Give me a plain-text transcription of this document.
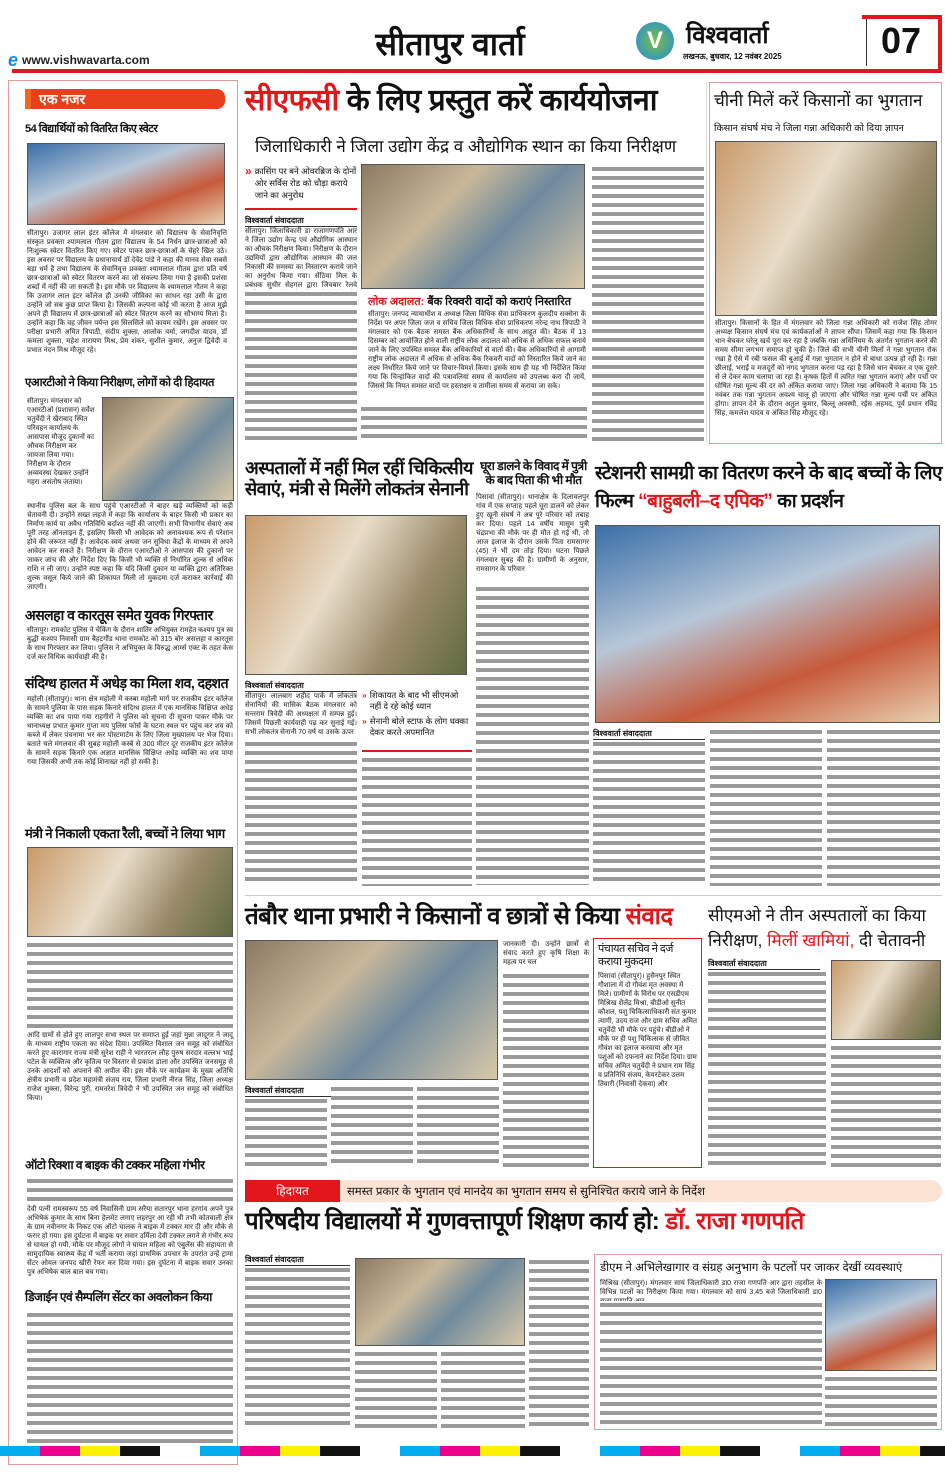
e www.vishwavarta.com	सीतापुर वार्ता	V विश्ववार्ता
लखनऊ, बुधवार, 12 नवंबर 2025	07
एक नजर
54 विद्यार्थियों को वितरित किए स्वेटर
सीतापुर। उजागर लाल इंटर कॉलेज में मंगलवार को विद्यालय के सेवानिवृत्ति संस्कृत प्रवक्ता श्यामलाल गौतम द्वारा विद्यालय के 54 निर्धन छात्र-छात्राओं को निःशुल्क स्वेटर वितरित किए गए। स्वेटर पाकर छात्र-छात्राओं के चेहरे खिल उठे। इस अवसर पर विद्यालय के प्रधानाचार्य डॉ देवेंद्र पांडे ने कहा की मानव सेवा सबसे बड़ा धर्म है तथा विद्यालय के सेवानिवृत्त प्रवक्ता श्यामलाल गौतम द्वारा प्रति वर्ष छात्र-छात्राओं को स्वेटर वितरण करने का जो संकल्प लिया गया है इसकी प्रशंसा शब्दों में नहीं की जा सकती है। इस मौके पर विद्यालय के श्यामलाल गौतम ने कहा कि उजागर लाल इंटर कॉलेज ही उनकी जीविका का साधन रहा उसी के द्वारा उन्होंने जो सब कुछ प्राप्त किया है। जिसकी कल्पना कोई भी करता है आज मुझे अपने ही विद्यालय में छात्र-छात्राओं को स्वेटर वितरण करने का सौभाग्य मिला है। उन्होंने कहा कि वह जीवन पर्यन्त इस सिलसिले को कायम रखेंगे। इस अवसर पर परीक्षा प्रभारी अमित त्रिपाठी, संदीप शुक्ला, आलोक वर्मा, जगदीश यादव, डॉ कमला शुक्ला, महेश नारायण मिश्र, प्रेम शंकर, सुशील कुमार, अनुज द्विवेदी व प्रभात नंदन मिश्र मौजूद रहे।
एआरटीओ ने किया निरीक्षण, लोगों को दी हिदायत
सीतापुर। मंगलवार को एआरटीओ (प्रशासन) सर्वेश चतुर्वेदी ने खैराबाद स्थित परिवहन कार्यालय के आसपास मौजूद दुकानों का औचक निरीक्षण कर जायजा लिया गया। निरीक्षण के दौरान अव्यवस्था देखकर उन्होंने गहरा असंतोष जताया।
स्थानीय पुलिस बल के साथ पहुंचे एआरटीओ ने बाहर खड़े व्यक्तियों को कड़ी चेतावनी दी। उन्होंने सख्त लहजे में कहा कि कार्यालय के बाहर किसी भी प्रकार का निर्माण कार्य या अवैध गतिविधि बर्दाश्त नहीं की जाएगी। सभी विभागीय सेवाएं अब पूरी तरह ऑनलाइन हैं, इसलिए किसी भी आवेदक को अनावश्यक रूप से परेशान होने की जरूरत नहीं है। आवेदक स्वयं अथवा जन सुविधा केंद्रों के माध्यम से अपने आवेदन कर सकते हैं। निरीक्षण के दौरान एआरटीओ ने आसपास की दुकानों पर जाकर जांच की और निर्देश दिए कि किसी भी व्यक्ति से निर्धारित शुल्क से अधिक राशि न ली जाए। उन्होंने स्पष्ट कहा कि यदि किसी दुकान या व्यक्ति द्वारा अतिरिक्त शुल्क वसूल किये जाने की शिकायत मिली तो मुकदमा दर्ज कराकर कार्रवाई की जाएगी।
असलहा व कारतूस समेत युवक गिरफ्तार
सीतापुर। रामकोट पुलिस ने चेकिंग के दौरान शातिर अभियुक्त रामहेत कश्यप पुत्र स्व बुद्धी कश्यप निवासी ग्राम बैहटगौंड थाना रामकोट को 315 बोर असलहा व कारतूस के साथ गिरफ्तार कर लिया। पुलिस ने अभियुक्त के विरुद्ध आर्म्स एक्ट के तहत केस दर्ज कर विधिक कार्यवाही की है।
संदिग्ध हालत में अधेड़ का मिला शव, दहशत
महोली (सीतापुर)। थाना क्षेत्र महोली में कस्बा महोली मार्ग पर राजकीय इंटर कॉलेज के सामने पुलिया के पास सड़क किनारे संदिग्ध हालत में एक मानसिक विक्षिप्त अधेड़ व्यक्ति का शव पाया गया राहगीरों ने पुलिस को सूचना दी सूचना पाकर मौके पर थानाध्यक्ष प्रभात कुमार गुप्ता मय पुलिस फोर्स के घटना स्थल पर पहुंच कर शव को कब्जे में लेकर पंचनामा भर कर पोस्टमार्टम के लिए जिला मुख्यालय पर भेज दिया। बताते चले मंगलवार की सुबह महोली कस्बे से 300 मीटर दूर राजकीय इंटर कॉलेज के सामने सड़क किनारे एक अज्ञात मानसिक विक्षिप्त अधेड़ व्यक्ति का शव पाया गया जिसकी अभी तक कोई शिनाख्त नहीं हो सकी है।
मंत्री ने निकाली एकता रैली, बच्चों ने लिया भाग
आदि ग्रामों से होते हुए लालपुर सभा स्थल पर समाप्त हुई जहां मुन्ना जादूगर ने जादू के माध्यम राष्ट्रीय एकता का संदेश दिया। उपस्थित विशाल जन समूह को संबोधित करते हुए कारागार राज्य मंत्री सुरेश राही ने भारतरत्न लौह पुरुष सरदार वल्लभ भाई पटेल के व्यक्तित्व और कृतित्व पर विस्तार से प्रकाश डाला और उपस्थित जनसमूह से उनके आदर्शों को अपनाने की अपील की। इस मौके पर कार्यक्रम के मुख्य अतिथि क्षेत्रीय प्रभारी व प्रदेश महामंत्री संजय राय, जिला प्रभारी नीरज सिंह, जिला अध्यक्ष राजेश शुक्ला, विरेन्द्र पुरी, रामनरेश त्रिवेदी ने भी उपस्थित जन समूह को संबोधित किया।
ऑटो रिक्शा व बाइक की टक्कर महिला गंभीर
देवी पत्नी रामस्वरूप 55 वर्ष निवासिनी ग्राम सरैया सतारपुर थाना हरगांव अपने पुत्र अभिषेक कुमार के साथ बिना हेलमेट लगाए लहरपुर आ रही थी तभी कोतवाली क्षेत्र के ग्राम नवीनगर के निकट एक ऑटो चालक ने बाइक में टक्कर मार दी और मौके से फरार हो गया। इस दुर्घटना में बाइक पर सवार उर्मिला देवी टक्कर लगने से गंभीर रूप से घायल हो गयी, मौके पर मौजूद लोगों ने घायल महिला को एंबुलेंस की सहायता से सामुदायिक स्वास्थ्य केंद्र में भर्ती कराया जहां प्राथमिक उपचार के उपरांत उन्हें ट्रामा सेंटर ओयल जनपद खीरी रेफर कर दिया गया। इस दुर्घटना में बाइक सवार उनका पुत्र अभिषेक बाल बाल बच गया।
डिजाईन एवं सैम्पलिंग सेंटर का अवलोकन किया
सीएफसी के लिए प्रस्तुत करें कार्ययोजना
जिलाधिकारी ने जिला उद्योग केंद्र व औद्योगिक स्थान का किया निरीक्षण
» क्रासिंग पर बने ओवरब्रिज के दोनों ओर सर्विस रोड को चौड़ा कराये जाने का अनुरोध
विश्ववार्ता संवाददाता
सीतापुर। जिलाधिकारी डा राजागणपति आर ने जिला उद्योग केन्द्र एवं औद्योगिक आस्थान का औचक निरीक्षण किया। निरीक्षण के दौरान उद्यमियों द्वारा औद्योगिक आस्थान की जल निकासी की समस्या का निस्तारण कराये जाने का अनुरोध किया गया। सेंठिया मिल के प्रबंधक सुधीर सेहगल द्वारा जिवबार रेलवे
लोक अदालत: बैंक रिक्वरी वादों को कराएं निस्तारित
सीतापुर। जनपद न्यायाधीश व अध्यक्ष जिला विधिक सेवा प्राधिकरण कुलदीप सक्सेना के निर्देश पर अपर जिला जज व सचिव जिला विधिक सेवा प्राधिकरण नरेन्द्र नाथ त्रिपाठी ने मंगलवार को एक बैठक समस्त बैंक अधिकारियों के साथ आहूत की। बैठक में 13 दिसम्बर को आयोजित होने वाली राष्ट्रीय लोक अदालत को अधिक से अधिक सफल बनाये जाने के लिए उपस्थित समस्त बैंक अधिकारियों से वार्ता की। बैंक अधिकारियों से आगामी राष्ट्रीय लोक अदालत में अधिक से अधिक बैंक रिकवरी वादों को निस्तारित किये जाने का लक्ष्य निर्धारित किये जाने पर विचार-विमर्श किया। इसके साथ ही यह भी निर्देशित किया गया कि चिन्हांकित वादों की पत्रावलियां समय से कार्यालय को उपलब्ध करा दी जायें, जिससे कि नियत समस्त वादों पर हस्ताक्षर व तामीला समय से कराया जा सके।
चीनी मिलें करें किसानों का भुगतान
किसान संघर्ष मंच ने जिला गन्ना अधिकारी को दिया ज्ञापन
सीतापुर। किसानों के हित में मंगलवार को जिला गन्ना अधिकारी को राजेश सिंह तोमर अध्यक्ष किसान संघर्ष मंच एवं कार्यकर्ताओं ने ज्ञापन सौंपा। जिसमें कहा गया कि किसान धान बेचकर घरेलू खर्च पूरा कर रहा है जबकि गन्ना अधिनियम के अंतर्गत भुगतान करने की समय सीमा लगभग समाप्त हो चुकी है। जिले की सभी चीनी मिलों ने गन्ना भुगतान रोक रखा है ऐसे में रबी फसल की बुआई में गन्ना भुगतान न होने से बाधा उत्पन्न हो रही है। गन्ना छीलाई, भराई व मजदूरों को नगद भुगतान करना पड़ रहा है जिसे धान बेचकर व एक दूसरे से ले देकर काम चलाया जा रहा है। कृषक हितों में त्वरित गन्ना भुगतान कराएं और पर्चों पर घोषित गन्ना मूल्य की दर को अंकित कराया जाए। जिला गन्ना अधिकारी ने बताया कि 15 नवंबर तक गन्ना भुगतान अवश्य चालू हो जाएगा और घोषित गन्ना मूल्य पर्ची पर अंकित होगा। ज्ञापन देने के दौरान अतुल कुमार, बिल्लू अवस्थी, रईस अहमद, पूर्व प्रधान रविंद्र सिंह, कमलेश यादव व अंकित सिंह मौजूद रहे।
अस्पतालों में नहीं मिल रहीं चिकित्सीय सेवाएं, मंत्री से मिलेंगे लोकतंत्र सेनानी
विश्ववार्ता संवाददाता
सीतापुर। लालबाग शहीद पार्क में लोकतंत्र सेनानियों की मासिक बैठक मंगलवार को सन्तराम त्रिवेदी की अध्यक्षता में सम्पन्न हुई। जिसमें पिछली कार्यवाही पढ़ कर सुनाई गई। सभी लोकतंत्र सेनानी 70 वर्ष या उसके ऊपर
» शिकायत के बाद भी सीएमओ नहीं दे रहे कोई ध्यान
» सेनानी बोले स्टाफ के लोग धक्का देकर करते अपमानित
घूरा डालने के विवाद में पुत्री के बाद पिता की भी मौत
पिसावां (सीतापुर)। थानाक्षेत्र के दिलावलपुर गांव में एक सप्ताह पहले घूरा डालने को लेकर हुए खूनी संघर्ष ने अब पूरे परिवार को तबाह कर दिया। पहले 14 वर्षीय मासूम पुत्री चंद्रप्रभा की मौके पर ही मौत हो गई थी, तो आज इलाज के दौरान उसके पिता रामसागर (45) ने भी दम तोड़ दिया। घटना पिछले मंगलवार सुबह की है। ग्रामीणों के अनुसार, रामसागर के परिवार
स्टेशनरी सामग्री का वितरण करने के बाद बच्चों के लिए फिल्म “बाहुबली–द एपिक” का प्रदर्शन
विश्ववार्ता संवाददाता
तंबौर थाना प्रभारी ने किसानों व छात्रों से किया संवाद
विश्ववार्ता संवाददाता
जानकारी दी। उन्होंने छात्रों से संवाद करते हुए कृषि शिक्षा के महत्व पर चल
पंचायत सचिव ने दर्ज कराया मुकदमा
पिसावां (सीतापुर)। हुसैनपुर स्थित गौशाला में दो गौवंश मृत अवस्था में मिले। ग्रामीणों के विरोध पर एसडीएम मिश्रिख शैलेंद्र मिश्रा, बीडीओ सुनीत कौशल, पशु चिकित्साधिकारी संत कुमार त्यागी, उदय राज और ग्राम सचिव अमित चतुर्वेदी भी मौके पर पहुंचे। बीडीओ ने मौके पर ही पशु चिकित्सक से जीवित गौवंश का इलाज करवाया और मृत पशुओं को दफनाने का निर्देश दिया। ग्राम सचिव अमित चतुर्वेदी ने प्रधान राम सिंह व प्रतिनिधि संजय, केयरटेकर उत्तम तिवारी (निवासी देकवा) और
सीएमओ ने तीन अस्पतालों का किया निरीक्षण, मिलीं खामियां, दी चेतावनी
विश्ववार्ता संवाददाता
हिदायत	समस्त प्रकार के भुगतान एवं मानदेय का भुगतान समय से सुनिश्चित कराये जाने के निर्देश
परिषदीय विद्यालयों में गुणवत्तापूर्ण शिक्षण कार्य हो: डॉ. राजा गणपति
विश्ववार्ता संवाददाता
डीएम ने अभिलेखागार व संग्रह अनुभाग के पटलों पर जाकर देखीं व्यवस्थाएं
मिश्रिख (सीतापुर)। मंगलवार सायं जिलाधिकारी डा0 राजा गणपति आर द्वारा तहसील के विभिन्न पटलों का निरीक्षण किया गया। मंगलवार को सायं 3.45 बजे जिलाधिकारी डा0
